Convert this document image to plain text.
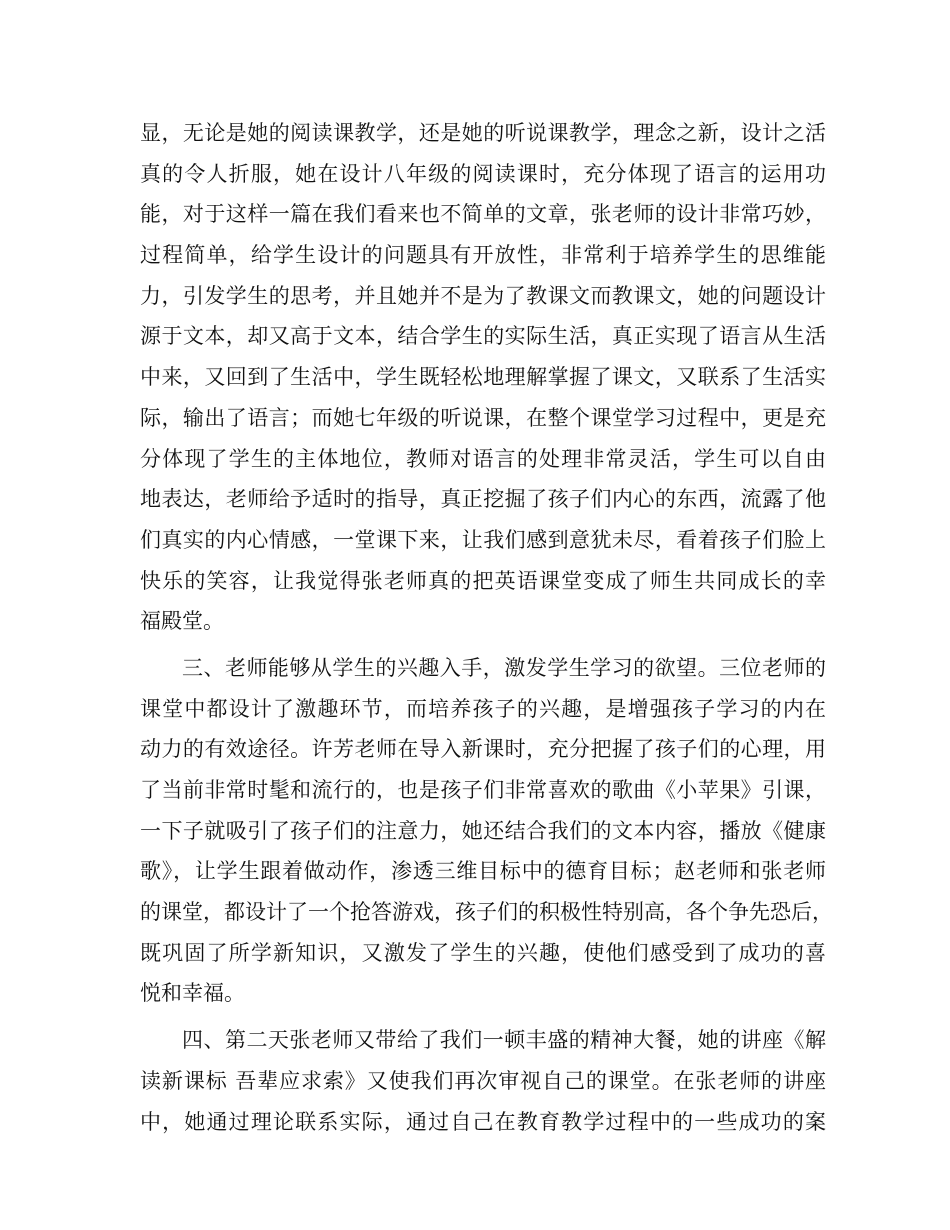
显，无论是她的阅读课教学，还是她的听说课教学，理念之新，设计之活
真的令人折服，她在设计八年级的阅读课时，充分体现了语言的运用功
能，对于这样一篇在我们看来也不简单的文章，张老师的设计非常巧妙，
过程简单，给学生设计的问题具有开放性，非常利于培养学生的思维能
力，引发学生的思考，并且她并不是为了教课文而教课文，她的问题设计
源于文本，却又高于文本，结合学生的实际生活，真正实现了语言从生活
中来，又回到了生活中，学生既轻松地理解掌握了课文，又联系了生活实
际，输出了语言；而她七年级的听说课，在整个课堂学习过程中，更是充
分体现了学生的主体地位，教师对语言的处理非常灵活，学生可以自由
地表达，老师给予适时的指导，真正挖掘了孩子们内心的东西，流露了他
们真实的内心情感，一堂课下来，让我们感到意犹未尽，看着孩子们脸上
快乐的笑容，让我觉得张老师真的把英语课堂变成了师生共同成长的幸
福殿堂。
三、老师能够从学生的兴趣入手，激发学生学习的欲望。三位老师的
课堂中都设计了激趣环节，而培养孩子的兴趣，是增强孩子学习的内在
动力的有效途径。许芳老师在导入新课时，充分把握了孩子们的心理，用
了当前非常时髦和流行的，也是孩子们非常喜欢的歌曲《小苹果》引课，
一下子就吸引了孩子们的注意力，她还结合我们的文本内容，播放《健康
歌》，让学生跟着做动作，渗透三维目标中的德育目标；赵老师和张老师
的课堂，都设计了一个抢答游戏，孩子们的积极性特别高，各个争先恐后，
既巩固了所学新知识，又激发了学生的兴趣，使他们感受到了成功的喜
悦和幸福。
四、第二天张老师又带给了我们一顿丰盛的精神大餐，她的讲座《解
读新课标 吾辈应求索》又使我们再次审视自己的课堂。在张老师的讲座
中，她通过理论联系实际，通过自己在教育教学过程中的一些成功的案
